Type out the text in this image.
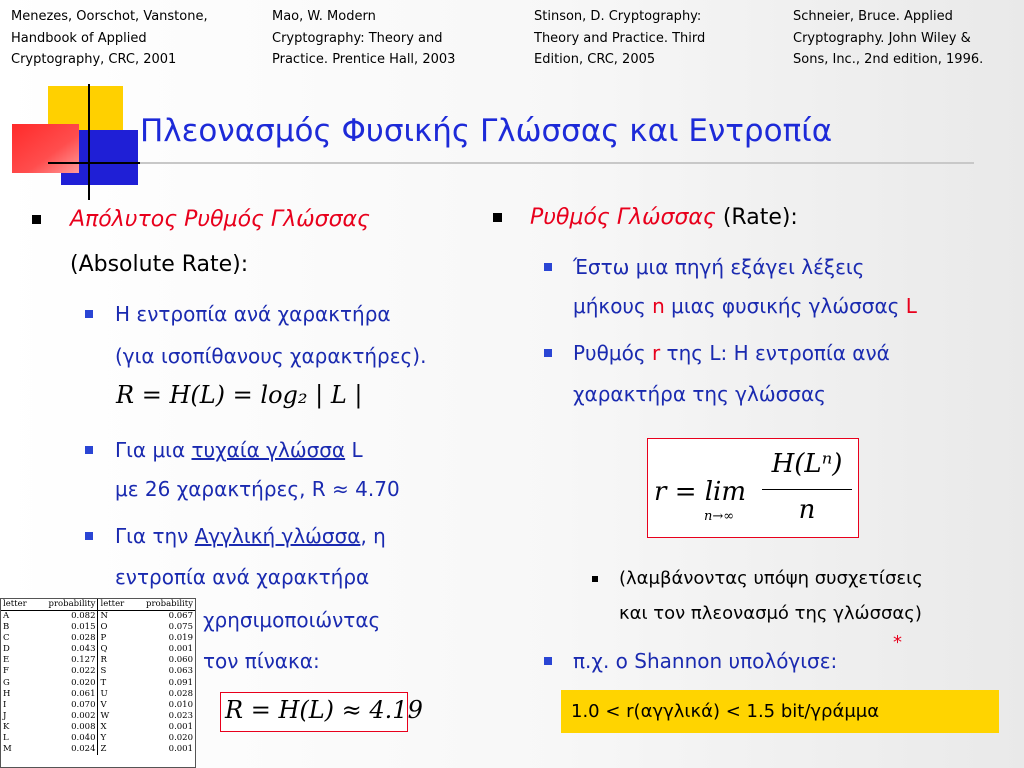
Menezes, Oorschot, Vanstone,
Handbook of Applied
Cryptography, CRC, 2001
Mao, W. Modern
Cryptography: Theory and
Practice. Prentice Hall, 2003
Stinson, D. Cryptography:
Theory and Practice. Third
Edition, CRC, 2005
Schneier, Bruce. Applied
Cryptography. John Wiley &
Sons, Inc., 2nd edition, 1996.
Πλεονασμός Φυσικής Γλώσσας και Εντροπία
Απόλυτος Ρυθμός Γλώσσας
(Absolute Rate):
Η εντροπία ανά χαρακτήρα
(για ισοπίθανους χαρακτήρες).
R = H(L) = log₂ | L |
Για μια τυχαία γλώσσα L
με 26 χαρακτήρες, R ≈ 4.70
Για την Αγγλική γλώσσα, η
εντροπία ανά χαρακτήρα
χρησιμοποιώντας
τον πίνακα:
R = H(L) ≈ 4.19
letter	probability	letter	probability
A	0.082	N	0.067
B	0.015	O	0.075
C	0.028	P	0.019
D	0.043	Q	0.001
E	0.127	R	0.060
F	0.022	S	0.063
G	0.020	T	0.091
H	0.061	U	0.028
I	0.070	V	0.010
J	0.002	W	0.023
K	0.008	X	0.001
L	0.040	Y	0.020
M	0.024	Z	0.001
Ρυθμός Γλώσσας (Rate):
Έστω μια πηγή εξάγει λέξεις
μήκους n μιας φυσικής γλώσσας L
Ρυθμός r της L: Η εντροπία ανά
χαρακτήρα της γλώσσας
r = lim
n→∞
H(Lⁿ)
n
(λαμβάνοντας υπόψη συσχετίσεις
και τον πλεονασμό της γλώσσας)
π.χ. ο Shannon υπολόγισε:
*
1.0 < r(αγγλικά) < 1.5 bit/γράμμα
